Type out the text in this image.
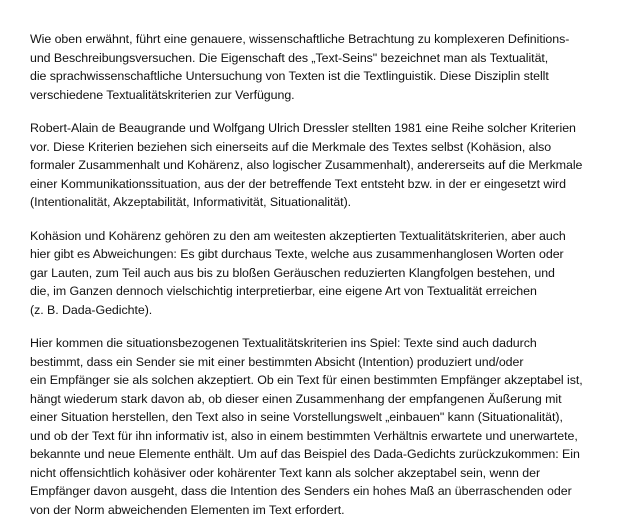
Wie oben erwähnt, führt eine genauere, wissenschaftliche Betrachtung zu komplexeren Definitions-
und Beschreibungsversuchen. Die Eigenschaft des „Text-Seins" bezeichnet man als Textualität,
die sprachwissenschaftliche Untersuchung von Texten ist die Textlinguistik. Diese Disziplin stellt
verschiedene Textualitätskriterien zur Verfügung.
Robert-Alain de Beaugrande und Wolfgang Ulrich Dressler stellten 1981 eine Reihe solcher Kriterien
vor. Diese Kriterien beziehen sich einerseits auf die Merkmale des Textes selbst (Kohäsion, also
formaler Zusammenhalt und Kohärenz, also logischer Zusammenhalt), andererseits auf die Merkmale
einer Kommunikationssituation, aus der der betreffende Text entsteht bzw. in der er eingesetzt wird
(Intentionalität, Akzeptabilität, Informativität, Situationalität).
Kohäsion und Kohärenz gehören zu den am weitesten akzeptierten Textualitätskriterien, aber auch
hier gibt es Abweichungen: Es gibt durchaus Texte, welche aus zusammenhanglosen Worten oder
gar Lauten, zum Teil auch aus bis zu bloßen Geräuschen reduzierten Klangfolgen bestehen, und
die, im Ganzen dennoch vielschichtig interpretierbar, eine eigene Art von Textualität erreichen
(z. B. Dada-Gedichte).
Hier kommen die situationsbezogenen Textualitätskriterien ins Spiel: Texte sind auch dadurch
bestimmt, dass ein Sender sie mit einer bestimmten Absicht (Intention) produziert und/oder
ein Empfänger sie als solchen akzeptiert. Ob ein Text für einen bestimmten Empfänger akzeptabel ist,
hängt wiederum stark davon ab, ob dieser einen Zusammenhang der empfangenen Äußerung mit
einer Situation herstellen, den Text also in seine Vorstellungswelt „einbauen" kann (Situationalität),
und ob der Text für ihn informativ ist, also in einem bestimmten Verhältnis erwartete und unerwartete,
bekannte und neue Elemente enthält. Um auf das Beispiel des Dada-Gedichts zurückzukommen: Ein
nicht offensichtlich kohäsiver oder kohärenter Text kann als solcher akzeptabel sein, wenn der
Empfänger davon ausgeht, dass die Intention des Senders ein hohes Maß an überraschenden oder
von der Norm abweichenden Elementen im Text erfordert.
